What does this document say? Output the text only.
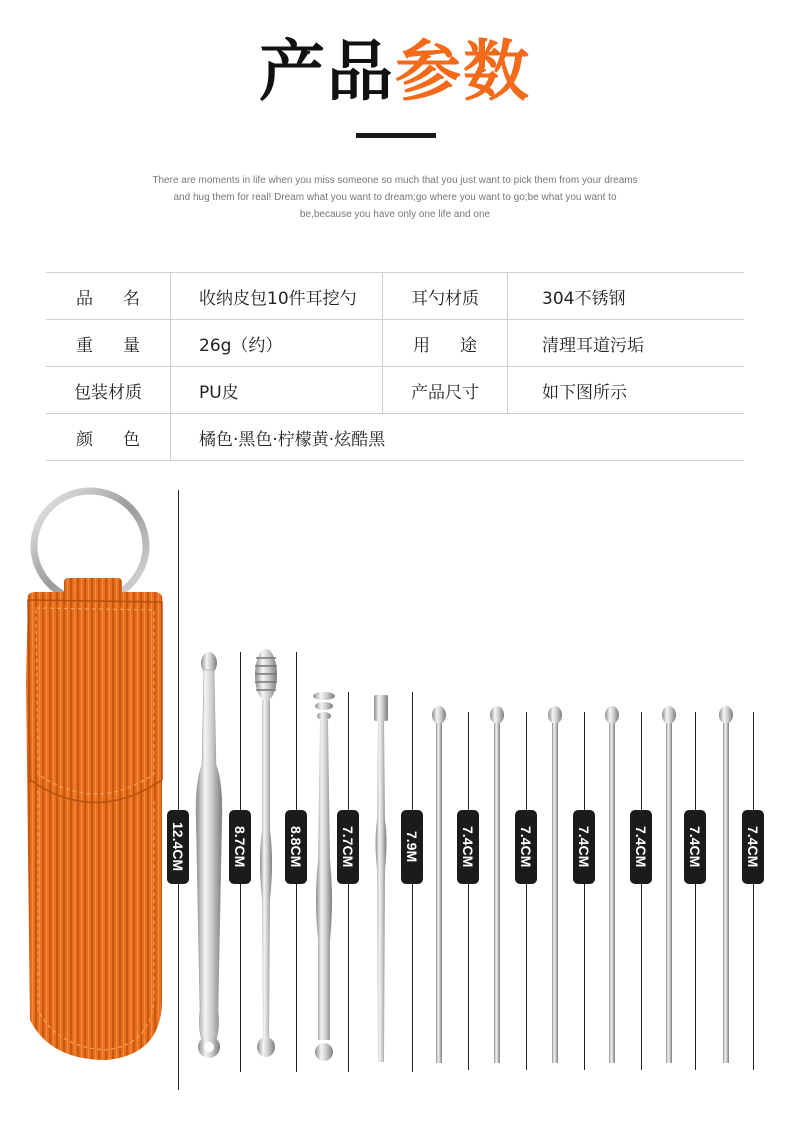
产品参数
There are moments in life when you miss someone so much that you just want to pick them from your dreams and hug them for real! Dream what you want to dream;go where you want to go;be what you want to be,because you have only one life and one
品名	收纳皮包10件耳挖勺	耳勺材质	304不锈钢
重量	26g（约）	用途	清理耳道污垢
包装材质	PU皮	产品尺寸	如下图所示
颜色	橘色·黑色·柠檬黄·炫酷黑
12.4CM	8.7CM	8.8CM	7.7CM	7.9M	7.4CM	7.4CM	7.4CM	7.4CM	7.4CM	7.4CM
